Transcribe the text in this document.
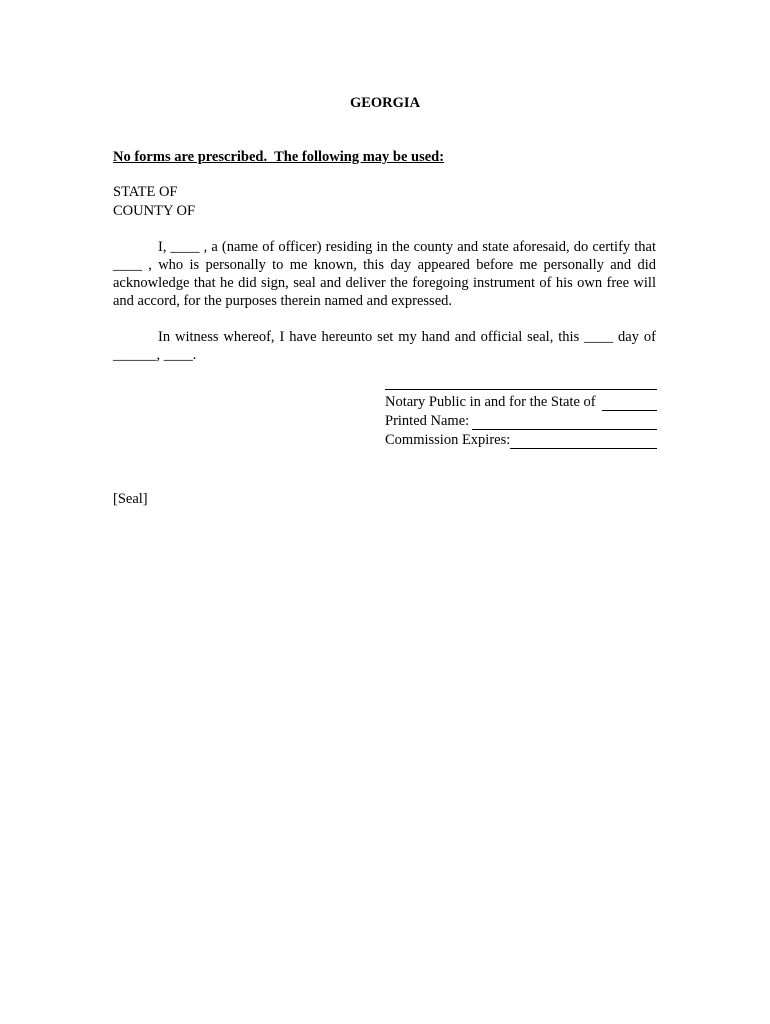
GEORGIA
No forms are prescribed.  The following may be used:
STATE OF
COUNTY OF
I, ____ , a (name of officer) residing in the county and state aforesaid, do certify that ____ , who is personally to me known, this day appeared before me personally and did acknowledge that he did sign, seal and deliver the foregoing instrument of his own free will and accord, for the purposes therein named and expressed.
In witness whereof, I have hereunto set my hand and official seal, this ____ day of ______, ____.
Notary Public in and for the State of
Printed Name:
Commission Expires:
[Seal]
